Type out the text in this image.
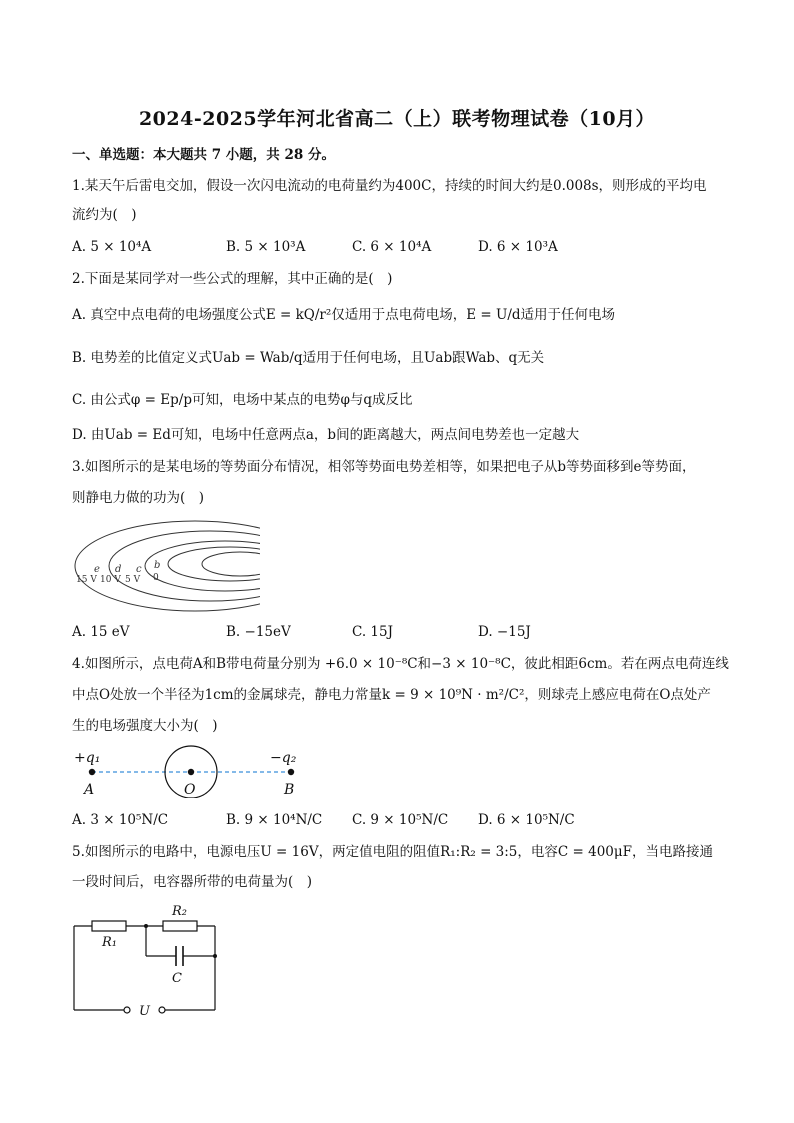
2024-2025学年河北省高二（上）联考物理试卷（10月）
一、单选题：本大题共 7 小题，共 28 分。
1.某天午后雷电交加，假设一次闪电流动的电荷量约为400C，持续的时间大约是0.008s，则形成的平均电
流约为(　)
A. 5 × 10⁴A	B. 5 × 10³A	C. 6 × 10⁴A	D. 6 × 10³A
2.下面是某同学对一些公式的理解，其中正确的是(　)
A. 真空中点电荷的电场强度公式E = kQ/r²仅适用于点电荷电场，E = U/d适用于任何电场
B. 电势差的比值定义式Uab = Wab/q适用于任何电场，且Uab跟Wab、q无关
C. 由公式φ = Ep/p可知，电场中某点的电势φ与q成反比
D. 由Uab = Ed可知，电场中任意两点a，b间的距离越大，两点间电势差也一定越大
3.如图所示的是某电场的等势面分布情况，相邻等势面电势差相等，如果把电子从b等势面移到e等势面，
则静电力做的功为(　)
e d c b
15 V 10 V 5 V 0
A. 15 eV	B. −15eV	C. 15J	D. −15J
4.如图所示，点电荷A和B带电荷量分别为 +6.0 × 10⁻⁸C和−3 × 10⁻⁸C，彼此相距6cm。若在两点电荷连线
中点O处放一个半径为1cm的金属球壳，静电力常量k = 9 × 10⁹N · m²/C²，则球壳上感应电荷在O点处产
生的电场强度大小为(　)
+q₁	−q₂
A	O	B
A. 3 × 10⁵N/C	B. 9 × 10⁴N/C C. 9 × 10⁵N/C D. 6 × 10⁵N/C
5.如图所示的电路中，电源电压U = 16V，两定值电阻的阻值R₁:R₂ = 3:5，电容C = 400μF，当电路接通
一段时间后，电容器所带的电荷量为(　)
R₁
R₂
C
U
